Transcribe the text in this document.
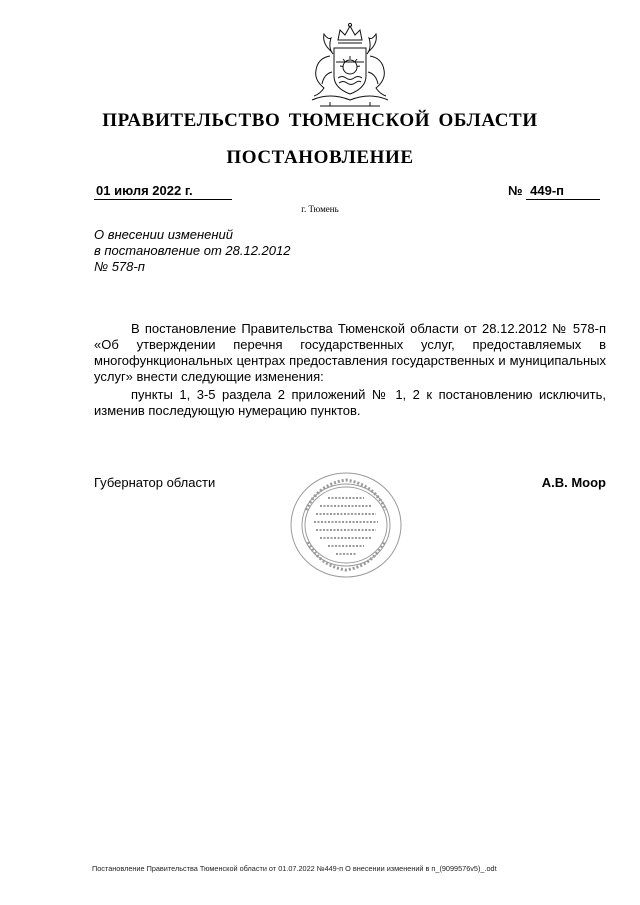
ПРАВИТЕЛЬСТВО ТЮМЕНСКОЙ ОБЛАСТИ
ПОСТАНОВЛЕНИЕ
01 июля 2022 г.	№ 449-п
г. Тюмень
О внесении изменений
в постановление от 28.12.2012
№ 578-п

В постановление Правительства Тюменской области от 28.12.2012 № 578-п «Об утверждении перечня государственных услуг, предоставляемых в многофункциональных центрах предоставления государственных и муниципальных услуг» внести следующие изменения:

пункты 1, 3-5 раздела 2 приложений № 1, 2 к постановлению исключить, изменив последующую нумерацию пунктов.

Губернатор области	А.В. Моор
Постановление Правительства Тюменской области от 01.07.2022 №449-п О внесении изменений в п_(9099576v5)_.odt
